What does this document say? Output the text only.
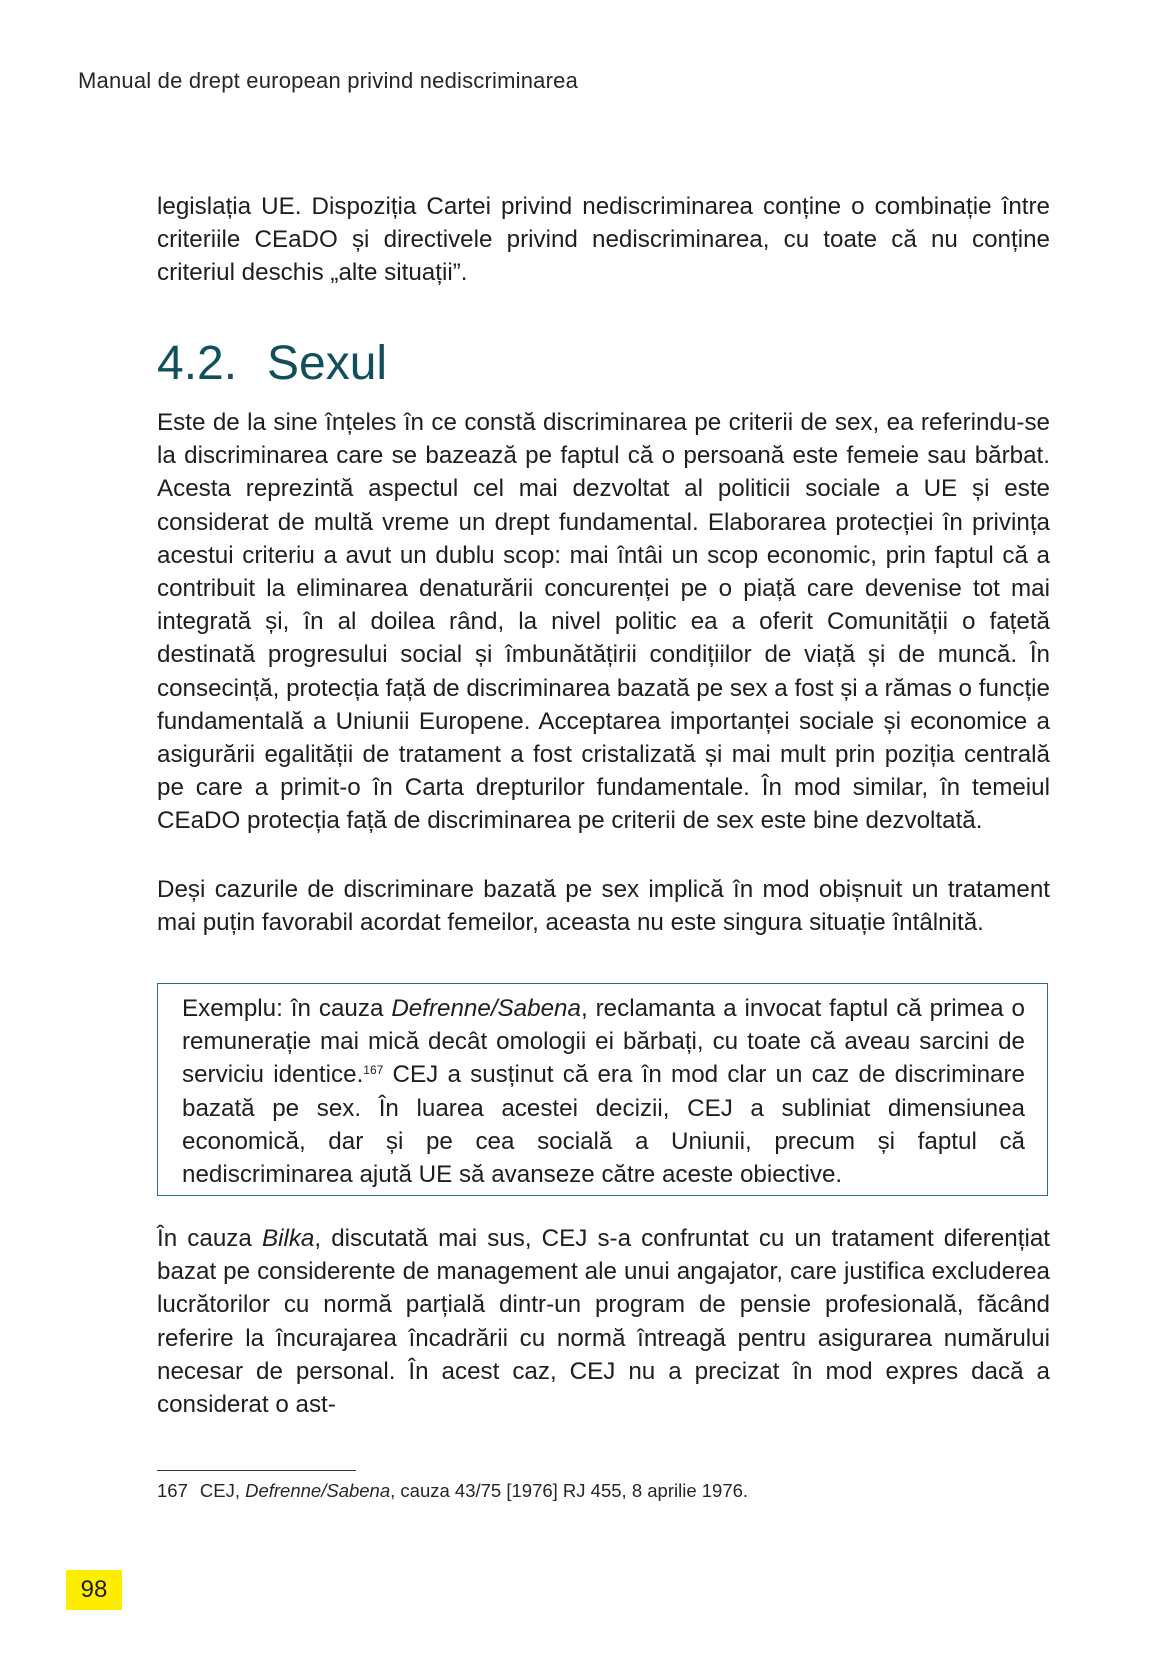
Manual de drept european privind nediscriminarea

legislația UE. Dispoziția Cartei privind nediscriminarea conține o combinație între criteriile CEaDO și directivele privind nediscriminarea, cu toate că nu conține criteriul deschis „alte situații”.

4.2. Sexul

Este de la sine înțeles în ce constă discriminarea pe criterii de sex, ea referindu-se la discriminarea care se bazează pe faptul că o persoană este femeie sau bărbat. Acesta reprezintă aspectul cel mai dezvoltat al politicii sociale a UE și este considerat de multă vreme un drept fundamental. Elaborarea protecției în privința acestui criteriu a avut un dublu scop: mai întâi un scop economic, prin faptul că a contribuit la eliminarea denaturării concurenței pe o piață care devenise tot mai integrată și, în al doilea rând, la nivel politic ea a oferit Comunității o fațetă destinată progresului social și îmbunătățirii condițiilor de viață și de muncă. În consecință, protecția față de discriminarea bazată pe sex a fost și a rămas o funcție fundamentală a Uniunii Europene. Acceptarea importanței sociale și economice a asigurării egalității de tratament a fost cristalizată și mai mult prin poziția centrală pe care a primit-o în Carta drepturilor fundamentale. În mod similar, în temeiul CEaDO protecția față de discriminarea pe criterii de sex este bine dezvoltată.

Deși cazurile de discriminare bazată pe sex implică în mod obișnuit un tratament mai puțin favorabil acordat femeilor, aceasta nu este singura situație întâlnită.

Exemplu: în cauza Defrenne/Sabena, reclamanta a invocat faptul că primea o remunerație mai mică decât omologii ei bărbați, cu toate că aveau sarcini de serviciu identice.$^{167}$ CEJ a susținut că era în mod clar un caz de discriminare bazată pe sex. În luarea acestei decizii, CEJ a subliniat dimensiunea economică, dar și pe cea socială a Uniunii, precum și faptul că nediscriminarea ajută UE să avanseze către aceste obiective.

În cauza Bilka, discutată mai sus, CEJ s-a confruntat cu un tratament diferențiat bazat pe considerente de management ale unui angajator, care justifica excluderea lucrătorilor cu normă parțială dintr-un program de pensie profesională, făcând referire la încurajarea încadrării cu normă întreagă pentru asigurarea numărului necesar de personal. În acest caz, CEJ nu a precizat în mod expres dacă a considerat o ast-

167 CEJ, Defrenne/Sabena, cauza 43/75 [1976] RJ 455, 8 aprilie 1976.
98
